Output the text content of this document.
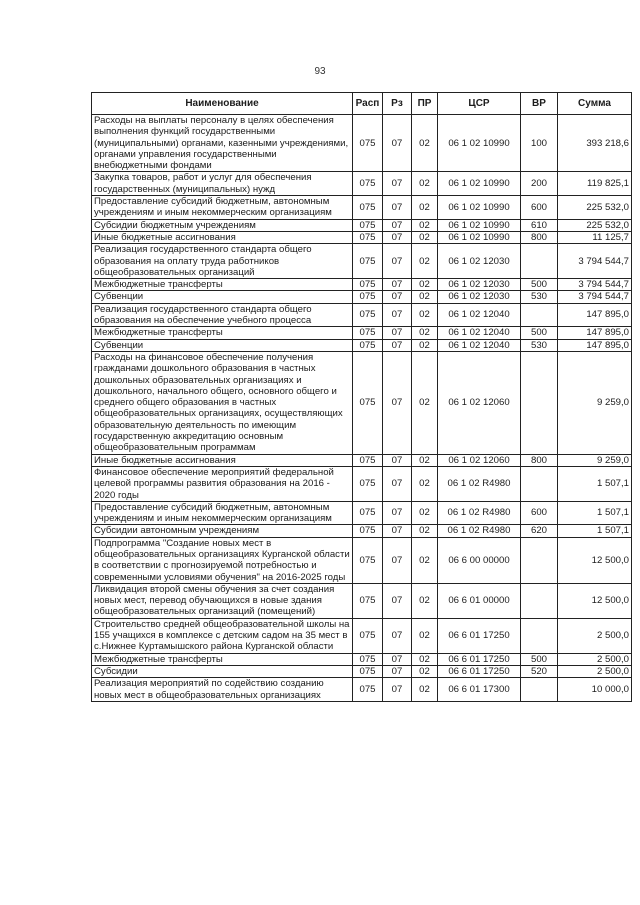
93
Наименование	Расп	Рз	ПР	ЦСР	ВР	Сумма
Расходы на выплаты персоналу в целях обеспечения выполнения функций государственными (муниципальными) органами, казенными учреждениями, органами управления государственными внебюджетными фондами	075	07	02	06 1 02 10990	100	393 218,6
Закупка товаров, работ и услуг для обеспечения государственных (муниципальных) нужд	075	07	02	06 1 02 10990	200	119 825,1
Предоставление субсидий бюджетным, автономным учреждениям и иным некоммерческим организациям	075	07	02	06 1 02 10990	600	225 532,0
Субсидии бюджетным учреждениям	075	07	02	06 1 02 10990	610	225 532,0
Иные бюджетные ассигнования	075	07	02	06 1 02 10990	800	11 125,7
Реализация государственного стандарта общего образования на оплату труда работников общеобразовательных организаций	075	07	02	06 1 02 12030		3 794 544,7
Межбюджетные трансферты	075	07	02	06 1 02 12030	500	3 794 544,7
Субвенции	075	07	02	06 1 02 12030	530	3 794 544,7
Реализация государственного стандарта общего образования на обеспечение учебного процесса	075	07	02	06 1 02 12040		147 895,0
Межбюджетные трансферты	075	07	02	06 1 02 12040	500	147 895,0
Субвенции	075	07	02	06 1 02 12040	530	147 895,0
Расходы на финансовое обеспечение получения гражданами дошкольного образования в частных дошкольных образовательных организациях и дошкольного, начального общего, основного общего и среднего общего образования в частных общеобразовательных организациях, осуществляющих образовательную деятельность по имеющим государственную аккредитацию основным общеобразовательным программам	075	07	02	06 1 02 12060		9 259,0
Иные бюджетные ассигнования	075	07	02	06 1 02 12060	800	9 259,0
Финансовое обеспечение мероприятий федеральной целевой программы развития образования на 2016 - 2020 годы	075	07	02	06 1 02 R4980		1 507,1
Предоставление субсидий бюджетным, автономным учреждениям и иным некоммерческим организациям	075	07	02	06 1 02 R4980	600	1 507,1
Субсидии автономным учреждениям	075	07	02	06 1 02 R4980	620	1 507,1
Подпрограмма "Создание новых мест в общеобразовательных организациях Курганской области в соответствии с прогнозируемой потребностью и современными условиями обучения" на 2016-2025 годы	075	07	02	06 6 00 00000		12 500,0
Ликвидация второй смены обучения за счет создания новых мест, перевод обучающихся в новые здания общеобразовательных организаций (помещений)	075	07	02	06 6 01 00000		12 500,0
Строительство средней общеобразовательной школы на 155 учащихся в комплексе с детским садом на 35 мест в с.Нижнее Куртамышского района Курганской области	075	07	02	06 6 01 17250		2 500,0
Межбюджетные трансферты	075	07	02	06 6 01 17250	500	2 500,0
Субсидии	075	07	02	06 6 01 17250	520	2 500,0
Реализация мероприятий по содействию созданию новых мест в общеобразовательных организациях	075	07	02	06 6 01 17300		10 000,0
